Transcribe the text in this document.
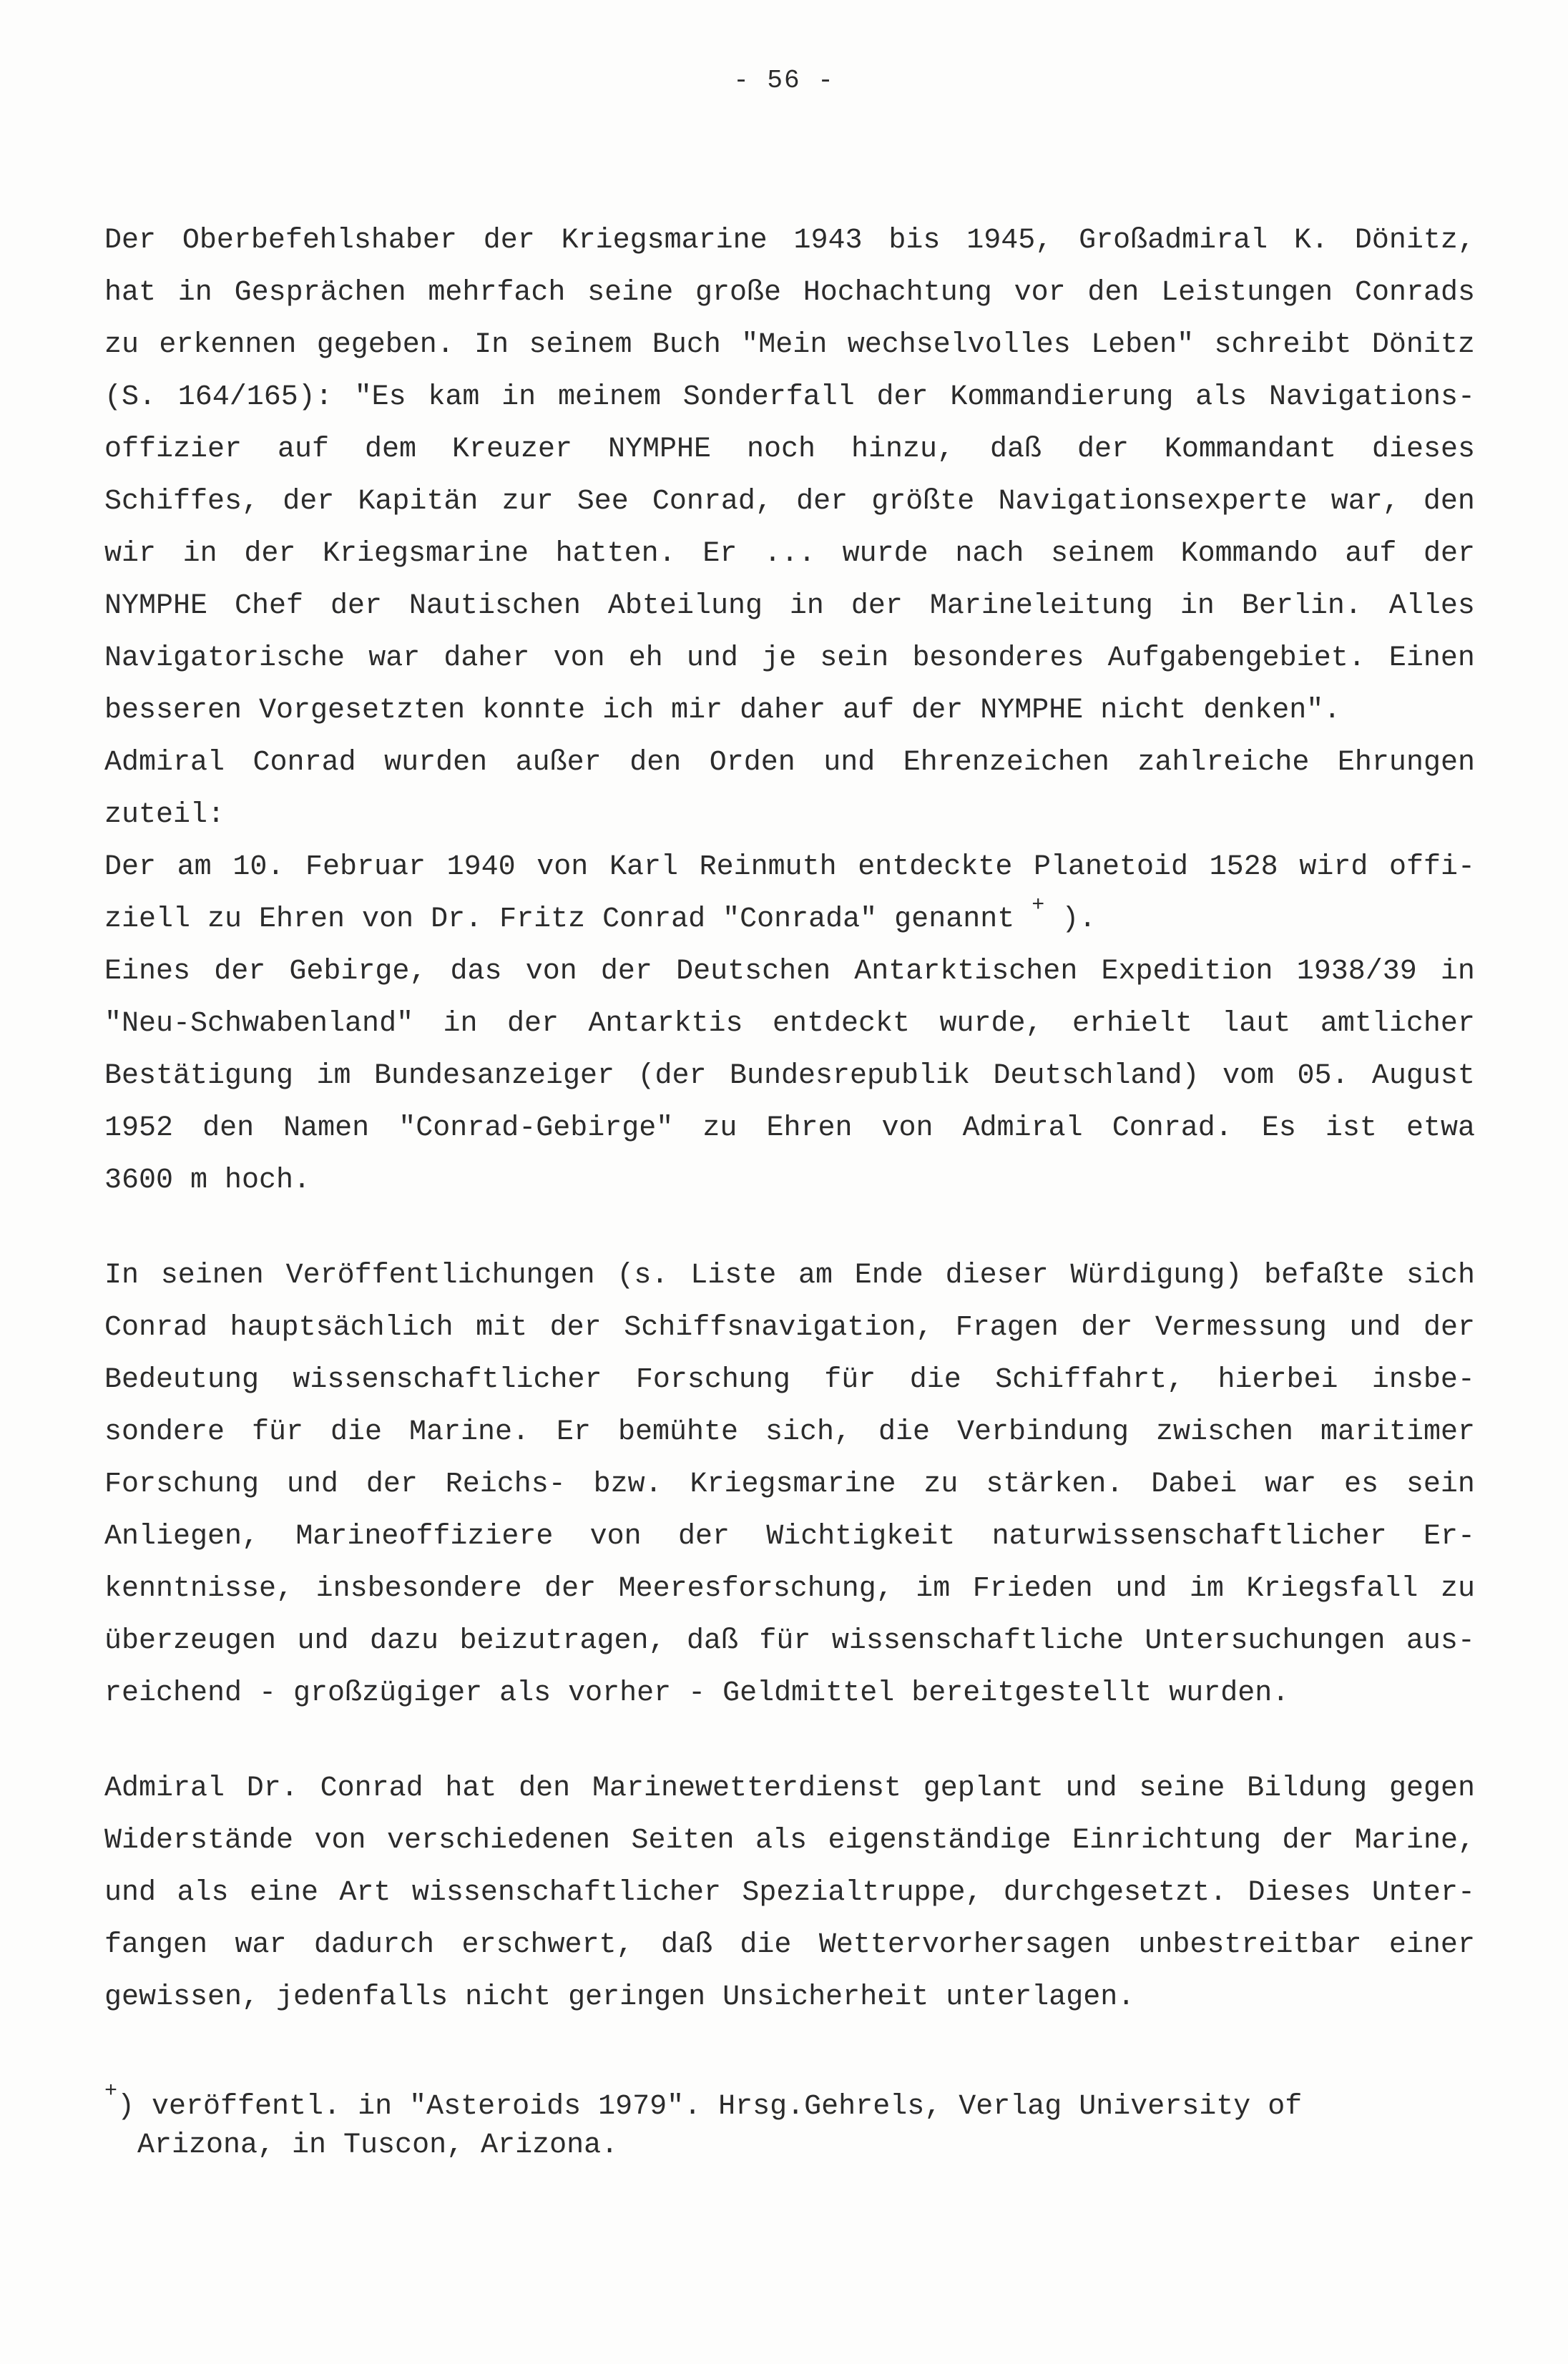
- 56 -
Der Oberbefehlshaber der Kriegsmarine 1943 bis 1945, Großadmiral K. Dönitz,
hat in Gesprächen mehrfach seine große Hochachtung vor den Leistungen Conrads
zu erkennen gegeben. In seinem Buch "Mein wechselvolles Leben" schreibt Dönitz
(S. 164/165): "Es kam in meinem Sonderfall der Kommandierung als Navigations-
offizier auf dem Kreuzer NYMPHE noch hinzu, daß der Kommandant dieses
Schiffes, der Kapitän zur See Conrad, der größte Navigationsexperte war, den
wir in der Kriegsmarine hatten. Er ... wurde nach seinem Kommando auf der
NYMPHE Chef der Nautischen Abteilung in der Marineleitung in Berlin. Alles
Navigatorische war daher von eh und je sein besonderes Aufgabengebiet. Einen
besseren Vorgesetzten konnte ich mir daher auf der NYMPHE nicht denken".
Admiral Conrad wurden außer den Orden und Ehrenzeichen zahlreiche Ehrungen
zuteil:
Der am 10. Februar 1940 von Karl Reinmuth entdeckte Planetoid 1528 wird offi-
ziell zu Ehren von Dr. Fritz Conrad "Conrada" genannt + ).
Eines der Gebirge, das von der Deutschen Antarktischen Expedition 1938/39 in
"Neu-Schwabenland" in der Antarktis entdeckt wurde, erhielt laut amtlicher
Bestätigung im Bundesanzeiger (der Bundesrepublik Deutschland) vom 05. August
1952 den Namen "Conrad-Gebirge" zu Ehren von Admiral Conrad. Es ist etwa
3600 m hoch.
In seinen Veröffentlichungen (s. Liste am Ende dieser Würdigung) befaßte sich
Conrad hauptsächlich mit der Schiffsnavigation, Fragen der Vermessung und der
Bedeutung wissenschaftlicher Forschung für die Schiffahrt, hierbei insbe-
sondere für die Marine. Er bemühte sich, die Verbindung zwischen maritimer
Forschung und der Reichs- bzw. Kriegsmarine zu stärken. Dabei war es sein
Anliegen, Marineoffiziere von der Wichtigkeit naturwissenschaftlicher Er-
kenntnisse, insbesondere der Meeresforschung, im Frieden und im Kriegsfall zu
überzeugen und dazu beizutragen, daß für wissenschaftliche Untersuchungen aus-
reichend - großzügiger als vorher - Geldmittel bereitgestellt wurden.
Admiral Dr. Conrad hat den Marinewetterdienst geplant und seine Bildung gegen
Widerstände von verschiedenen Seiten als eigenständige Einrichtung der Marine,
und als eine Art wissenschaftlicher Spezialtruppe, durchgesetzt. Dieses Unter-
fangen war dadurch erschwert, daß die Wettervorhersagen unbestreitbar einer
gewissen, jedenfalls nicht geringen Unsicherheit unterlagen.
+) veröffentl. in "Asteroids 1979". Hrsg.Gehrels, Verlag University of
Arizona, in Tuscon, Arizona.
